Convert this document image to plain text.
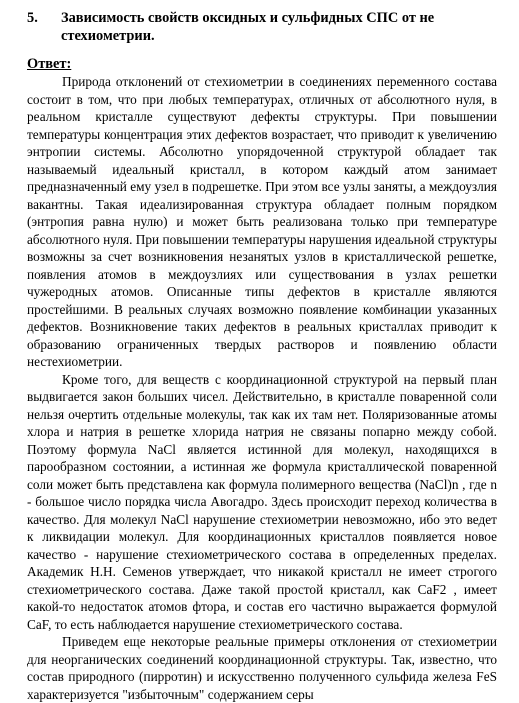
5. Зависимость свойств оксидных и сульфидных СПС от не
стехиометрии.
Ответ:

Природа отклонений от стехиометрии в соединениях переменного состава состоит в том, что при любых температурах, отличных от абсолютного нуля, в реальном кристалле существуют дефекты структуры. При повышении температуры концентрация этих дефектов возрастает, что приводит к увеличению энтропии системы. Абсолютно упорядоченной структурой обладает так называемый идеальный кристалл, в котором каждый атом занимает предназначенный ему узел в подрешетке. При этом все узлы заняты, а междоузлия вакантны. Такая идеализированная структура обладает полным порядком (энтропия равна нулю) и может быть реализована только при температуре абсолютного нуля. При повышении температуры нарушения идеальной структуры возможны за счет возникновения незанятых узлов в кристаллической решетке, появления атомов в междоузлиях или существования в узлах решетки чужеродных атомов. Описанные типы дефектов в кристалле являются простейшими. В реальных случаях возможно появление комбинации указанных дефектов. Возникновение таких дефектов в реальных кристаллах приводит к образованию ограниченных твердых растворов и появлению области нестехиометрии.

Кроме того, для веществ с координационной структурой на первый план выдвигается закон больших чисел. Действительно, в кристалле поваренной соли нельзя очертить отдельные молекулы, так как их там нет. Поляризованные атомы хлора и натрия в решетке хлорида натрия не связаны попарно между собой. Поэтому формула NaCl является истинной для молекул, находящихся в парообразном состоянии, а истинная же формула кристаллической поваренной соли может быть представлена как формула полимерного вещества (NaCl)n , где n - большое число порядка числа Авогадро. Здесь происходит переход количества в качество. Для молекул NaCl нарушение стехиометрии невозможно, ибо это ведет к ликвидации молекул. Для координационных кристаллов появляется новое качество - нарушение стехиометрического состава в определенных пределах. Академик Н.Н. Семенов утверждает, что никакой кристалл не имеет строгого стехиометрического состава. Даже такой простой кристалл, как CaF2 , имеет какой-то недостаток атомов фтора, и состав его частично выражается формулой CaF, то есть наблюдается нарушение стехиометрического состава.

Приведем еще некоторые реальные примеры отклонения от стехиометрии для неорганических соединений координационной структуры. Так, известно, что состав природного (пирротин) и искусственно полученного сульфида железа FeS характеризуется "избыточным" содержанием серы
